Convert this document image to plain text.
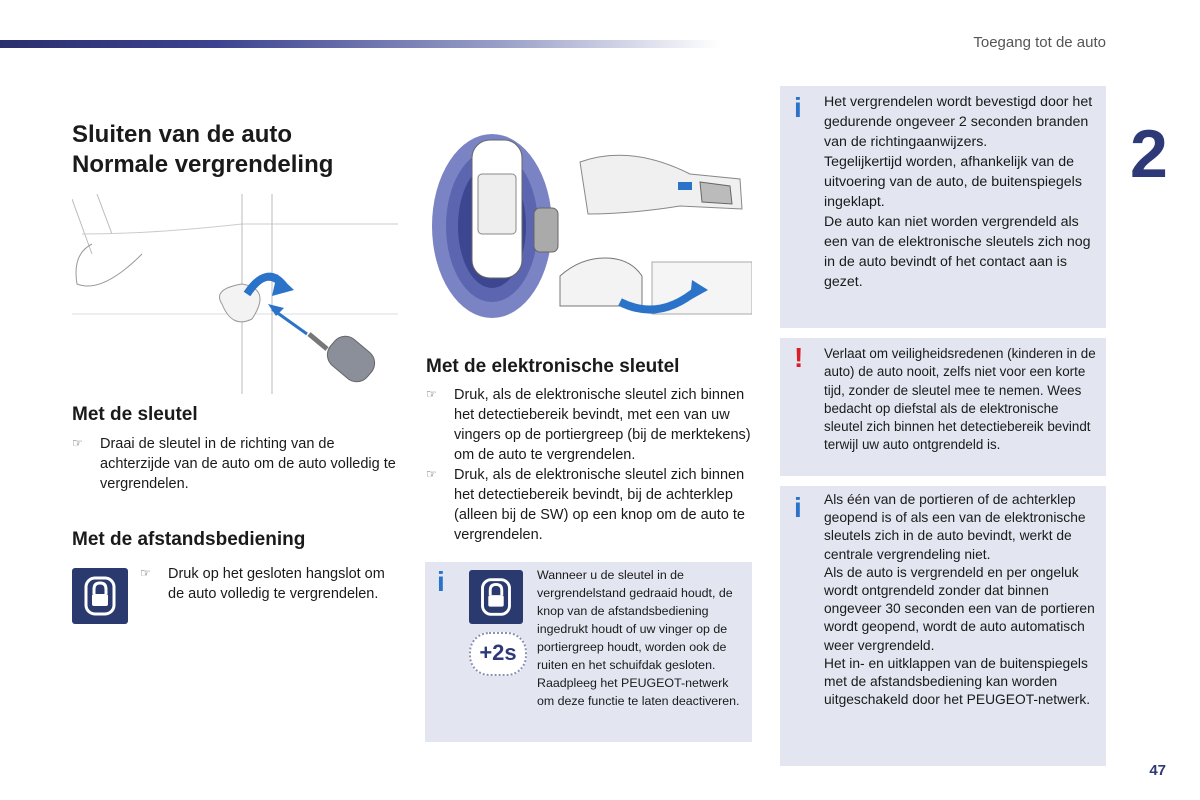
Toegang tot de auto
2
47
Sluiten van de auto
Normale vergrendeling
Met de sleutel
☞ Draai de sleutel in de richting van de achterzijde van de auto om de auto volledig te vergrendelen.
Met de afstandsbediening
☞ Druk op het gesloten hangslot om de auto volledig te vergrendelen.
Met de elektronische sleutel
☞ Druk, als de elektronische sleutel zich binnen het detectiebereik bevindt, met een van uw vingers op de portiergreep (bij de merktekens) om de auto te vergrendelen.
☞ Druk, als de elektronische sleutel zich binnen het detectiebereik bevindt, bij de achterklep (alleen bij de SW) op een knop om de auto te vergrendelen.
i
+2s
Wanneer u de sleutel in de vergrendelstand gedraaid houdt, de knop van de afstandsbediening ingedrukt houdt of uw vinger op de portiergreep houdt, worden ook de ruiten en het schuifdak gesloten. Raadpleeg het PEUGEOT-netwerk om deze functie te laten deactiveren.
i Het vergrendelen wordt bevestigd door het gedurende ongeveer 2 seconden branden van de richtingaanwijzers.
Tegelijkertijd worden, afhankelijk van de uitvoering van de auto, de buitenspiegels ingeklapt.
De auto kan niet worden vergrendeld als een van de elektronische sleutels zich nog in de auto bevindt of het contact aan is gezet.
! Verlaat om veiligheidsredenen (kinderen in de auto) de auto nooit, zelfs niet voor een korte tijd, zonder de sleutel mee te nemen. Wees bedacht op diefstal als de elektronische sleutel zich binnen het detectiebereik bevindt terwijl uw auto ontgrendeld is.
i Als één van de portieren of de achterklep geopend is of als een van de elektronische sleutels zich in de auto bevindt, werkt de centrale vergrendeling niet.
Als de auto is vergrendeld en per ongeluk wordt ontgrendeld zonder dat binnen ongeveer 30 seconden een van de portieren wordt geopend, wordt de auto automatisch weer vergrendeld.
Het in- en uitklappen van de buitenspiegels met de afstandsbediening kan worden uitgeschakeld door het PEUGEOT-netwerk.
